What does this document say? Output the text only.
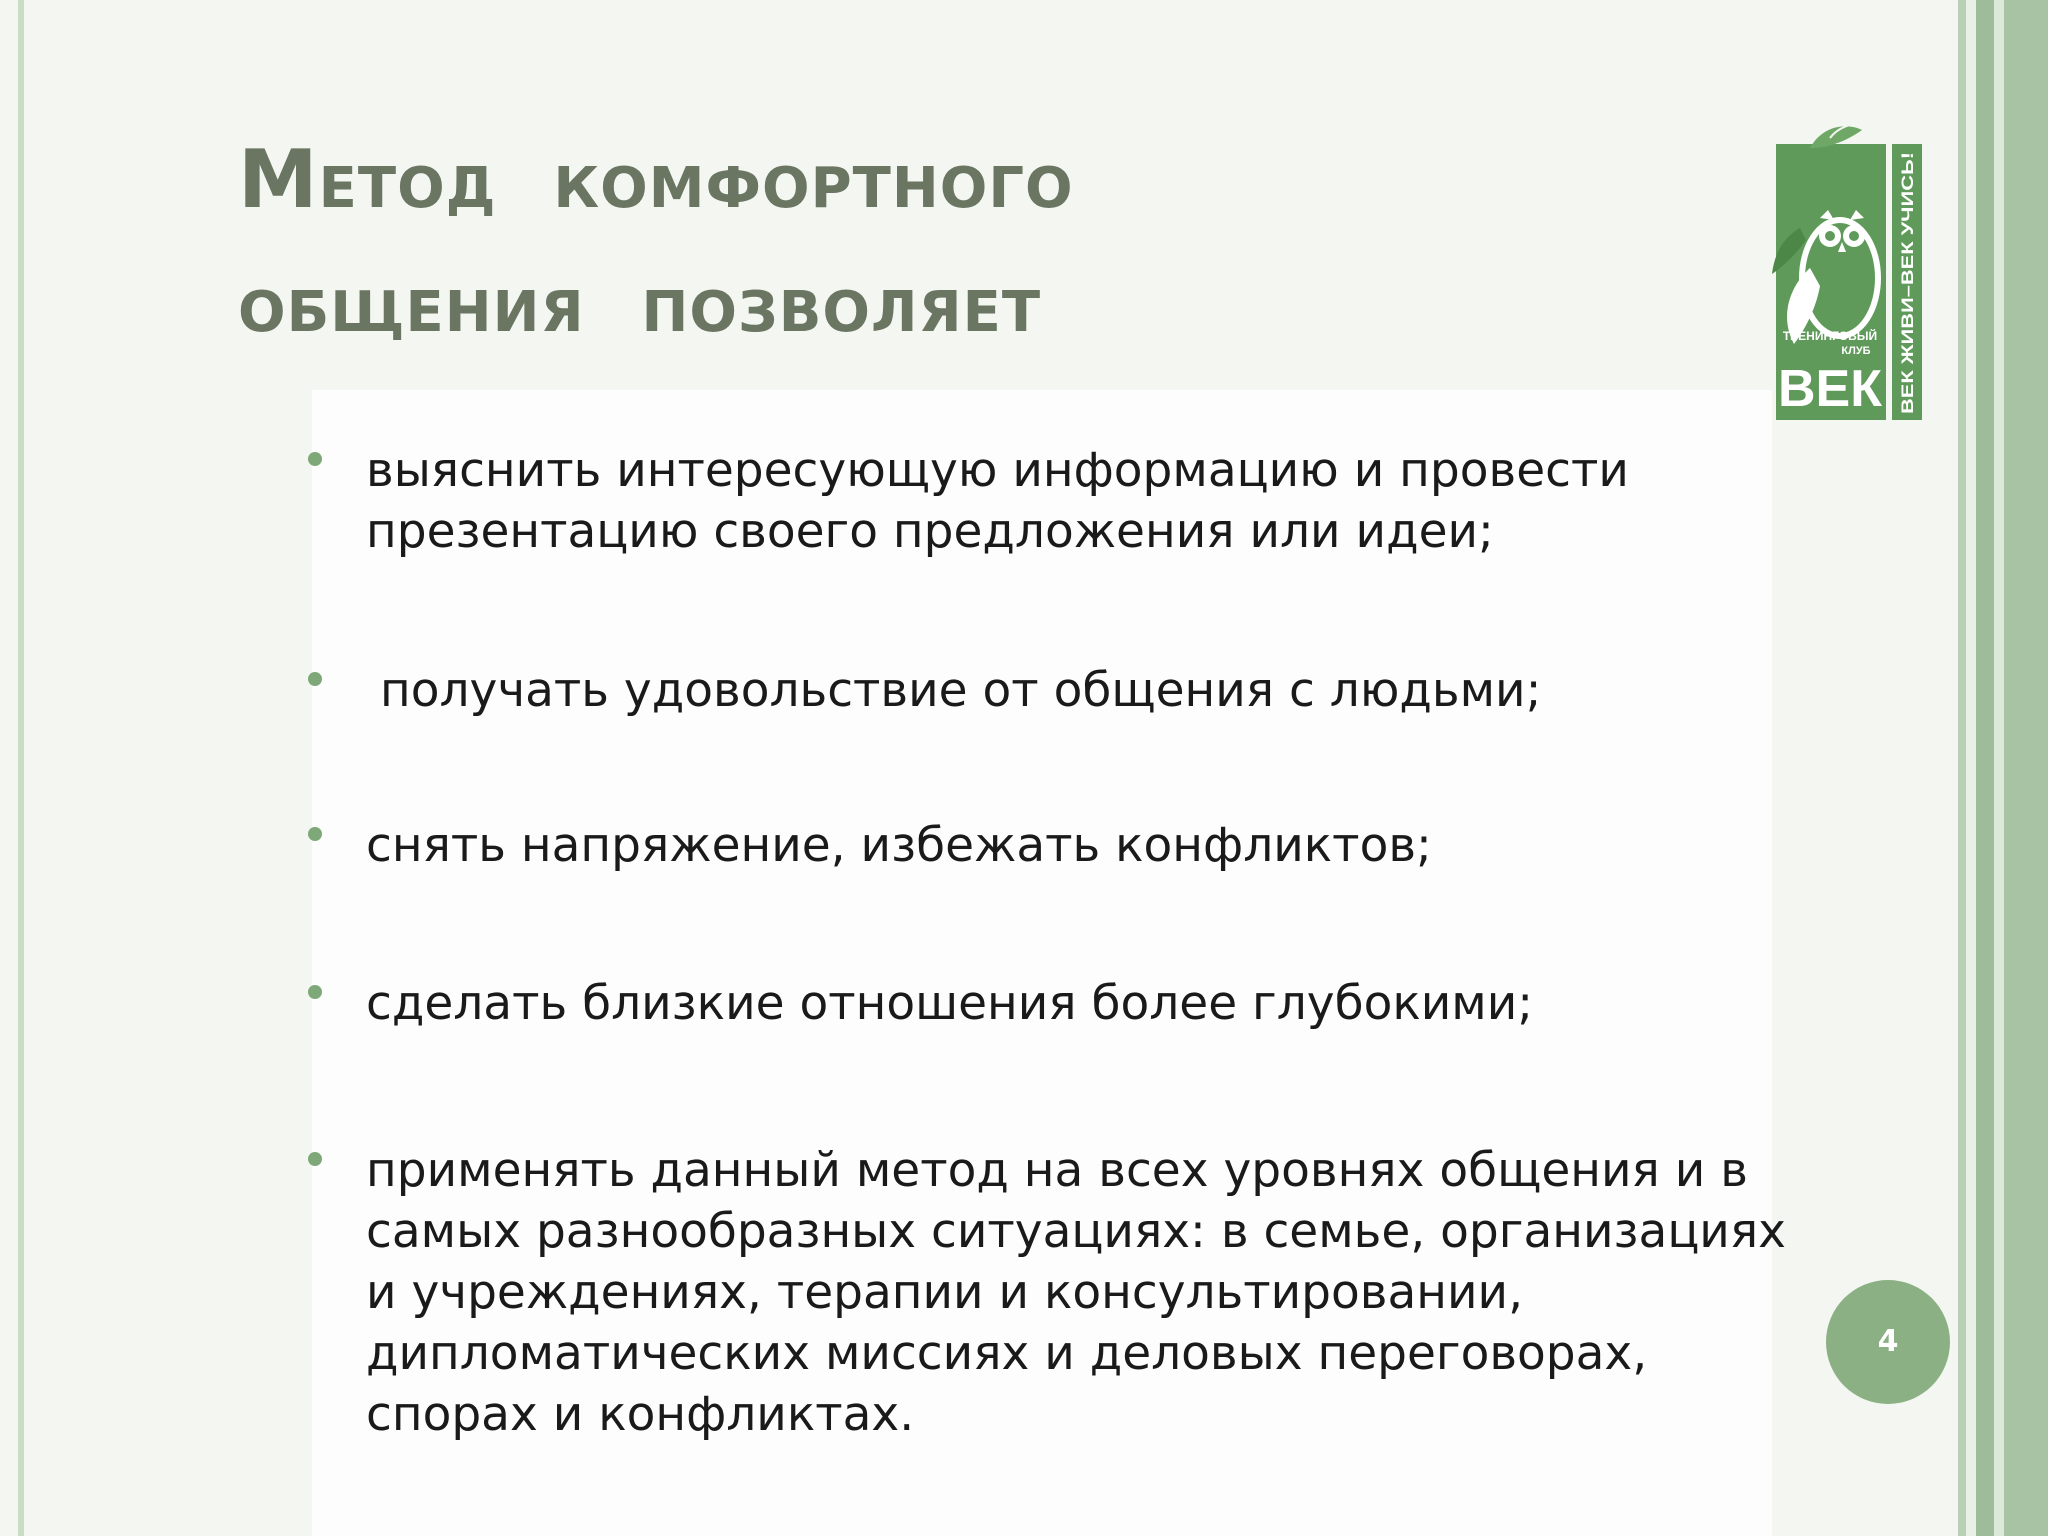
Метод комфортного
общения позволяет
выяснить интересующую информацию и провести презентацию своего предложения или идеи;
получать удовольствие от общения с людьми;
снять напряжение, избежать конфликтов;
сделать близкие отношения более глубокими;
применять данный метод на всех уровнях общения и в самых разнообразных ситуациях: в семье, организациях и учреждениях, терапии и консультировании, дипломатических миссиях и деловых переговорах, спорах и конфликтах.
ТРЕНИНГОВЫЙ
КЛУБ
ВЕК ВЕК ЖИВИ–ВЕК УЧИСЬ!
4
